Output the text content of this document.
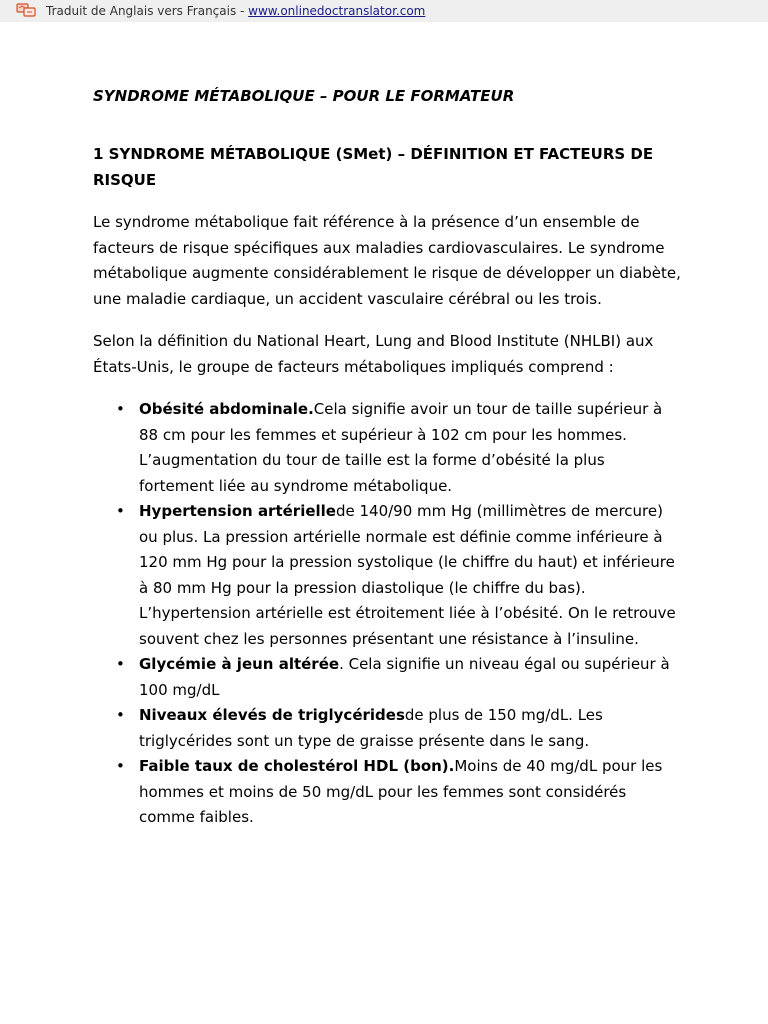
Traduit de Anglais vers Français - www.onlinedoctranslator.com
SYNDROME MÉTABOLIQUE – POUR LE FORMATEUR
1 SYNDROME MÉTABOLIQUE (SMet) – DÉFINITION ET FACTEURS DE RISQUE

Le syndrome métabolique fait référence à la présence d’un ensemble de facteurs de risque spécifiques aux maladies cardiovasculaires. Le syndrome métabolique augmente considérablement le risque de développer un diabète, une maladie cardiaque, un accident vasculaire cérébral ou les trois.

Selon la définition du National Heart, Lung and Blood Institute (NHLBI) aux États-Unis, le groupe de facteurs métaboliques impliqués comprend :

• Obésité abdominale.Cela signifie avoir un tour de taille supérieur à 88 cm pour les femmes et supérieur à 102 cm pour les hommes. L’augmentation du tour de taille est la forme d’obésité la plus fortement liée au syndrome métabolique.
• Hypertension artériellede 140/90 mm Hg (millimètres de mercure) ou plus. La pression artérielle normale est définie comme inférieure à 120 mm Hg pour la pression systolique (le chiffre du haut) et inférieure à 80 mm Hg pour la pression diastolique (le chiffre du bas). L’hypertension artérielle est étroitement liée à l’obésité. On le retrouve souvent chez les personnes présentant une résistance à l’insuline.
• Glycémie à jeun altérée. Cela signifie un niveau égal ou supérieur à 100 mg/dL
• Niveaux élevés de triglycéridesde plus de 150 mg/dL. Les triglycérides sont un type de graisse présente dans le sang.
• Faible taux de cholestérol HDL (bon).Moins de 40 mg/dL pour les hommes et moins de 50 mg/dL pour les femmes sont considérés comme faibles.
